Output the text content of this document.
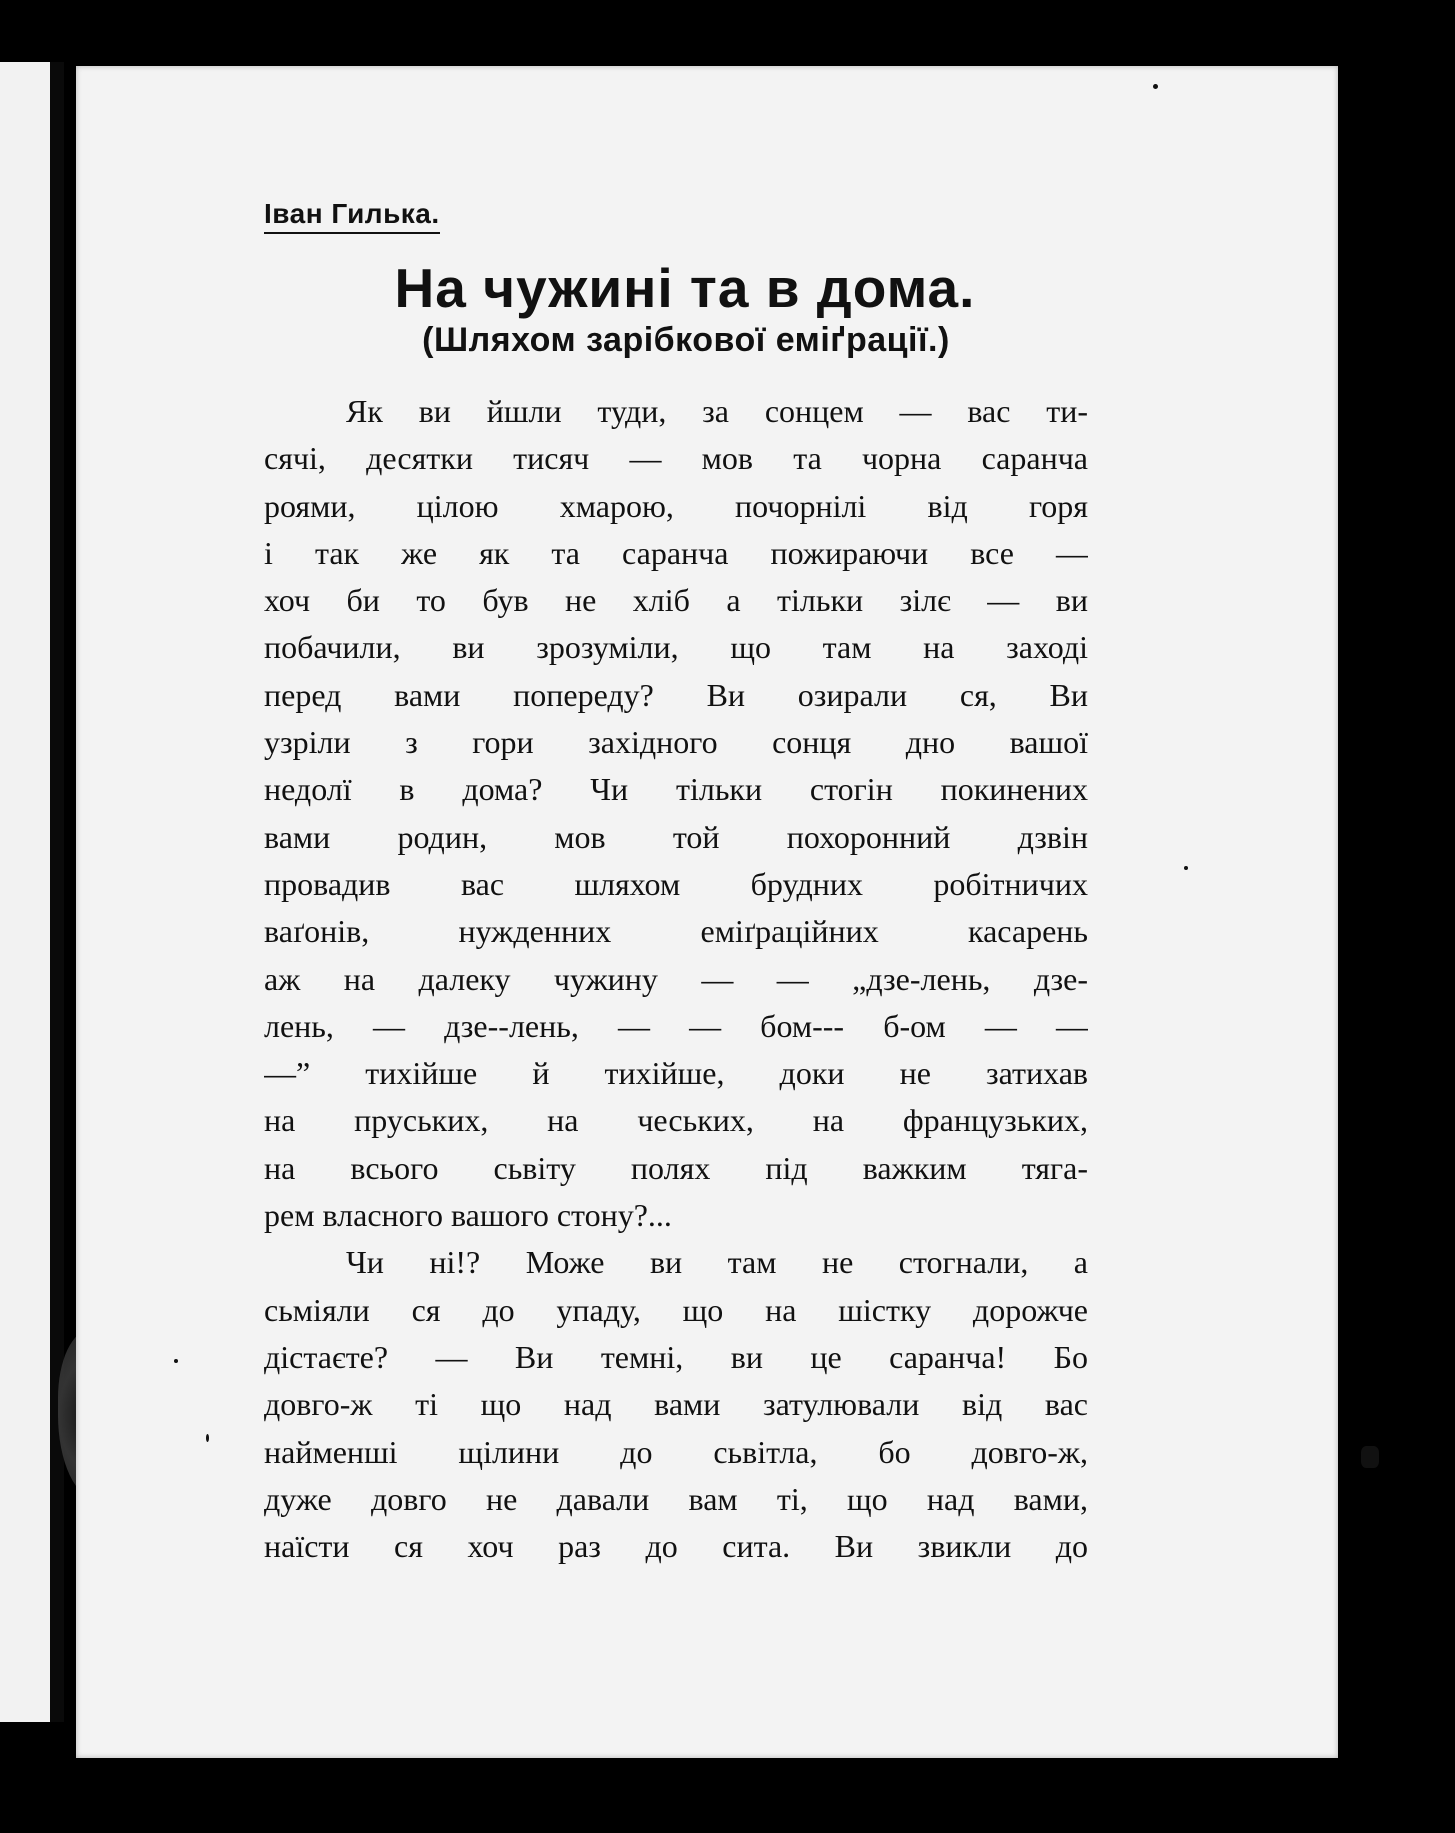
Іван Гилька.
На чужині та в дома.
(Шляхом зарібкової еміґрації.)
Як ви йшли туди, за сонцем — вас ти-
сячі, десятки тисяч — мов та чорна саранча
роями, цілою хмарою, почорнілі від горя
і так же як та саранча пожираючи все —
хоч би то був не хліб а тільки зілє — ви
побачили, ви зрозуміли, що там на заході
перед вами попереду? Ви озирали ся, Ви
узріли з гори західного сонця дно вашої
недолї в дома? Чи тільки стогін покинених
вами родин, мов той похоронний дзвін
провадив вас шляхом брудних робітничих
ваґонів, нужденних еміґраційних касарень
аж на далеку чужину — — „дзе-лень, дзе-
лень, — дзе--лень, — — бом--- б-ом — —
—” тихійше й тихійше, доки не затихав
на пруських, на чеських, на французьких,
на всього сьвіту полях під важким тяга-
рем власного вашого стону?...
Чи ні!? Може ви там не стогнали, а
сьміяли ся до упаду, що на шістку дорожче
дістаєте? — Ви темні, ви це саранча! Бо
довго-ж ті що над вами затулювали від вас
найменші щілини до сьвітла, бо довго-ж,
дуже довго не давали вам ті, що над вами,
наїсти ся хоч раз до сита. Ви звикли до
